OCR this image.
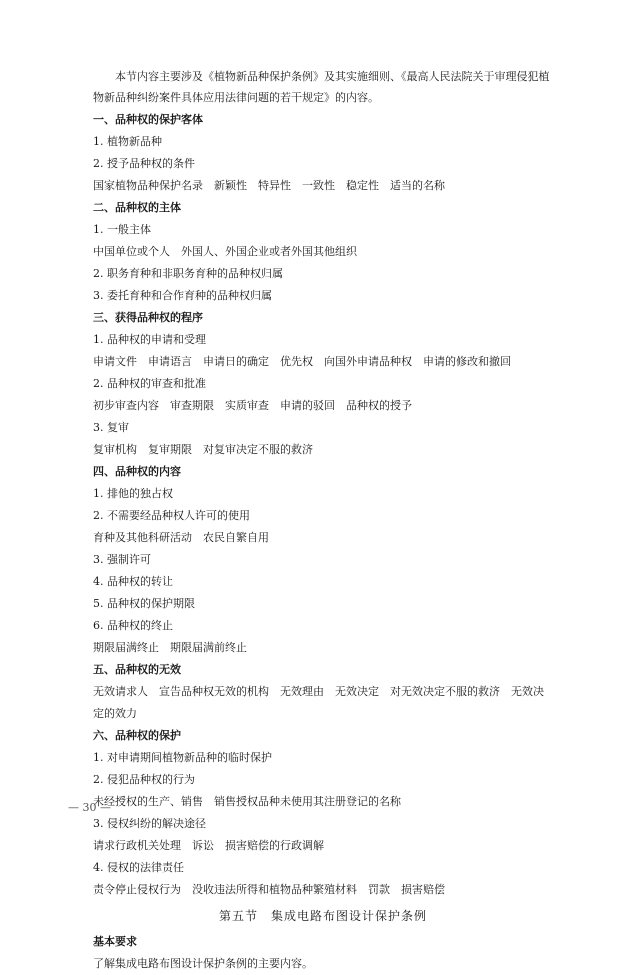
本节内容主要涉及《植物新品种保护条例》及其实施细则、《最高人民法院关于审理侵犯植物新品种纠纷案件具体应用法律问题的若干规定》的内容。

一、品种权的保护客体
1. 植物新品种
2. 授予品种权的条件
国家植物品种保护名录 新颖性 特异性 一致性 稳定性 适当的名称
二、品种权的主体
1. 一般主体
中国单位或个人　外国人、外国企业或者外国其他组织
2. 职务育种和非职务育种的品种权归属
3. 委托育种和合作育种的品种权归属
三、获得品种权的程序
1. 品种权的申请和受理
申请文件 申请语言 申请日的确定 优先权 向国外申请品种权 申请的修改和撤回
2. 品种权的审查和批准
初步审查内容 审查期限 实质审查 申请的驳回 品种权的授予
3. 复审
复审机构 复审期限 对复审决定不服的救济
四、品种权的内容
1. 排他的独占权
2. 不需要经品种权人许可的使用
育种及其他科研活动 农民自繁自用
3. 强制许可
4. 品种权的转让
5. 品种权的保护期限
6. 品种权的终止
期限届满终止 期限届满前终止
五、品种权的无效
无效请求人　宣告品种权无效的机构　无效理由　无效决定　对无效决定不服的救济　无效决定的效力
六、品种权的保护
1. 对申请期间植物新品种的临时保护
2. 侵犯品种权的行为
未经授权的生产、销售　销售授权品种未使用其注册登记的名称
3. 侵权纠纷的解决途径
请求行政机关处理　诉讼　损害赔偿的行政调解
4. 侵权的法律责任
责令停止侵权行为　没收违法所得和植物品种繁殖材料　罚款　损害赔偿
第五节　集成电路布图设计保护条例
基本要求
了解集成电路布图设计保护条例的主要内容。
— 30 —
